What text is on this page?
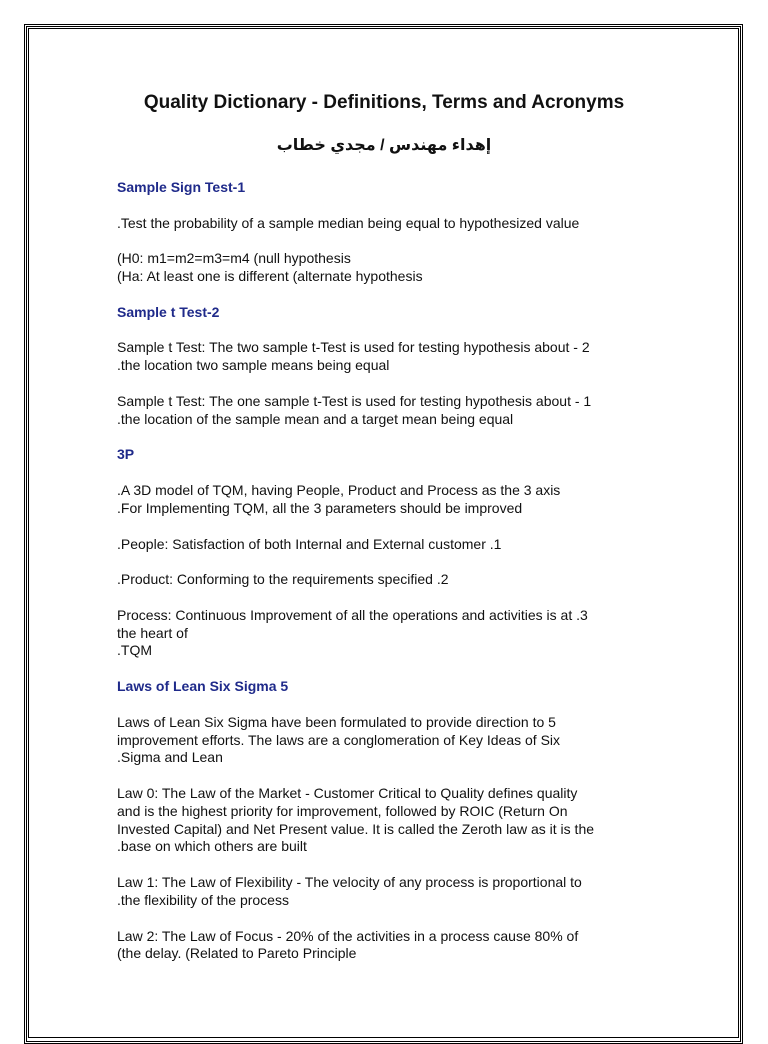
Quality Dictionary - Definitions, Terms and Acronyms
إهداء مهندس / مجدي خطاب
Sample Sign Test-1
.Test the probability of a sample median being equal to hypothesized value
(H0: m1=m2=m3=m4 (null hypothesis
(Ha: At least one is different (alternate hypothesis
Sample t Test-2
Sample t Test: The two sample t-Test is used for testing hypothesis about - 2
.the location two sample means being equal
Sample t Test: The one sample t-Test is used for testing hypothesis about - 1
.the location of the sample mean and a target mean being equal
3P
.A 3D model of TQM, having People, Product and Process as the 3 axis
.For Implementing TQM, all the 3 parameters should be improved
.People: Satisfaction of both Internal and External customer .1
.Product: Conforming to the requirements specified .2
Process: Continuous Improvement of all the operations and activities is at .3
the heart of
.TQM
Laws of Lean Six Sigma 5
Laws of Lean Six Sigma have been formulated to provide direction to 5
improvement efforts. The laws are a conglomeration of Key Ideas of Six
.Sigma and Lean
Law 0: The Law of the Market - Customer Critical to Quality defines quality
and is the highest priority for improvement, followed by ROIC (Return On
Invested Capital) and Net Present value. It is called the Zeroth law as it is the
.base on which others are built
Law 1: The Law of Flexibility - The velocity of any process is proportional to
.the flexibility of the process
Law 2: The Law of Focus - 20% of the activities in a process cause 80% of
(the delay. (Related to Pareto Principle
